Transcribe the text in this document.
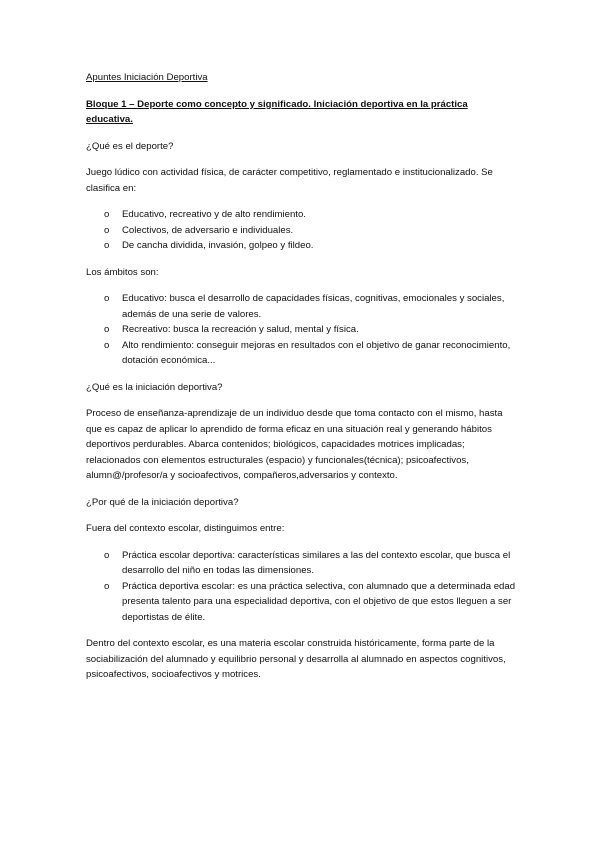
Apuntes Iniciación Deportiva
Bloque 1 – Deporte como concepto y significado. Iniciación deportiva en la práctica educativa.

¿Qué es el deporte?

Juego lúdico con actividad física, de carácter competitivo, reglamentado e institucionalizado. Se clasifica en:

o Educativo, recreativo y de alto rendimiento.
o Colectivos, de adversario e individuales.
o De cancha dividida, invasión, golpeo y fildeo.

Los ámbitos son:

o Educativo: busca el desarrollo de capacidades físicas, cognitivas, emocionales y sociales, además de una serie de valores.
o Recreativo: busca la recreación y salud, mental y física.
o Alto rendimiento: conseguir mejoras en resultados con el objetivo de ganar reconocimiento, dotación económica...

¿Qué es la iniciación deportiva?

Proceso de enseñanza-aprendizaje de un individuo desde que toma contacto con el mismo, hasta que es capaz de aplicar lo aprendido de forma eficaz en una situación real y generando hábitos deportivos perdurables. Abarca contenidos; biológicos, capacidades motrices implicadas; relacionados con elementos estructurales (espacio) y funcionales(técnica); psicoafectivos, alumn@/profesor/a y socioafectivos, compañeros,adversarios y contexto.

¿Por qué de la iniciación deportiva?

Fuera del contexto escolar, distinguimos entre:

o Práctica escolar deportiva: características similares a las del contexto escolar, que busca el desarrollo del niño en todas las dimensiones.
o Práctica deportiva escolar: es una práctica selectiva, con alumnado que a determinada edad presenta talento para una especialidad deportiva, con el objetivo de que estos lleguen a ser deportistas de élite.

Dentro del contexto escolar, es una materia escolar construida históricamente, forma parte de la sociabilización del alumnado y equilibrio personal y desarrolla al alumnado en aspectos cognitivos, psicoafectivos, socioafectivos y motrices.
